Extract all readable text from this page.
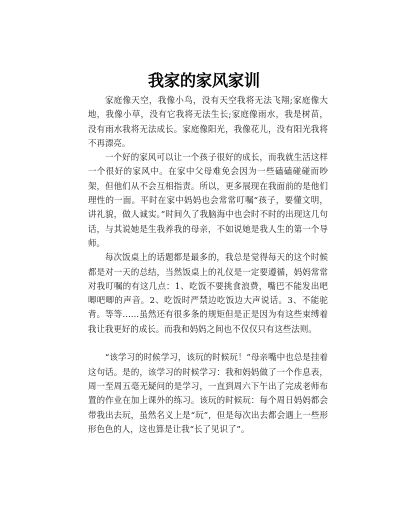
我家的家风家训

家庭像天空，我像小鸟，没有天空我将无法飞翔;家庭像大地，我像小草，没有它我将无法生长;家庭像雨水，我是树苗，没有雨水我将无法成长。家庭像阳光，我像花儿，没有阳光我将不再漂亮。

一个好的家风可以让一个孩子很好的成长，而我就生活这样一个很好的家风中。在家中父母难免会因为一些磕磕碰碰而吵架，但他们从不会互相指责。所以，更多展现在我面前的是他们理性的一面。平时在家中妈妈也会常常叮嘱“孩子，要懂文明，讲礼貌，做人诚实。”时间久了我脑海中也会时不时的出现这几句话，与其说她是生我养我的母亲，不如说她是我人生的第一个导师。

每次饭桌上的话题都是最多的，我总是觉得每天的这个时候都是对一天的总结，当然饭桌上的礼仪是一定要遵循，妈妈常常对我叮嘱的有这几点：1、吃饭不要挑食浪费，嘴巴不能发出吧唧吧唧的声音。2、吃饭时严禁边吃饭边大声说话。3、不能驼背。等等……虽然还有很多条的规矩但是正是因为有这些束缚着我让我更好的成长。而我和妈妈之间也不仅仅只有这些法则。

“该学习的时候学习，该玩的时候玩！”母亲嘴中也总是挂着这句话。是的，该学习的时候学习：我和妈妈做了一个作息表，周一至周五毫无疑问的是学习，一直到周六下午出了完成老师布置的作业在加上课外的练习。该玩的时候玩：每个周日妈妈都会带我出去玩，虽然名义上是“玩”，但是每次出去都会遇上一些形形色色的人，这也算是让我“长了见识了”。
